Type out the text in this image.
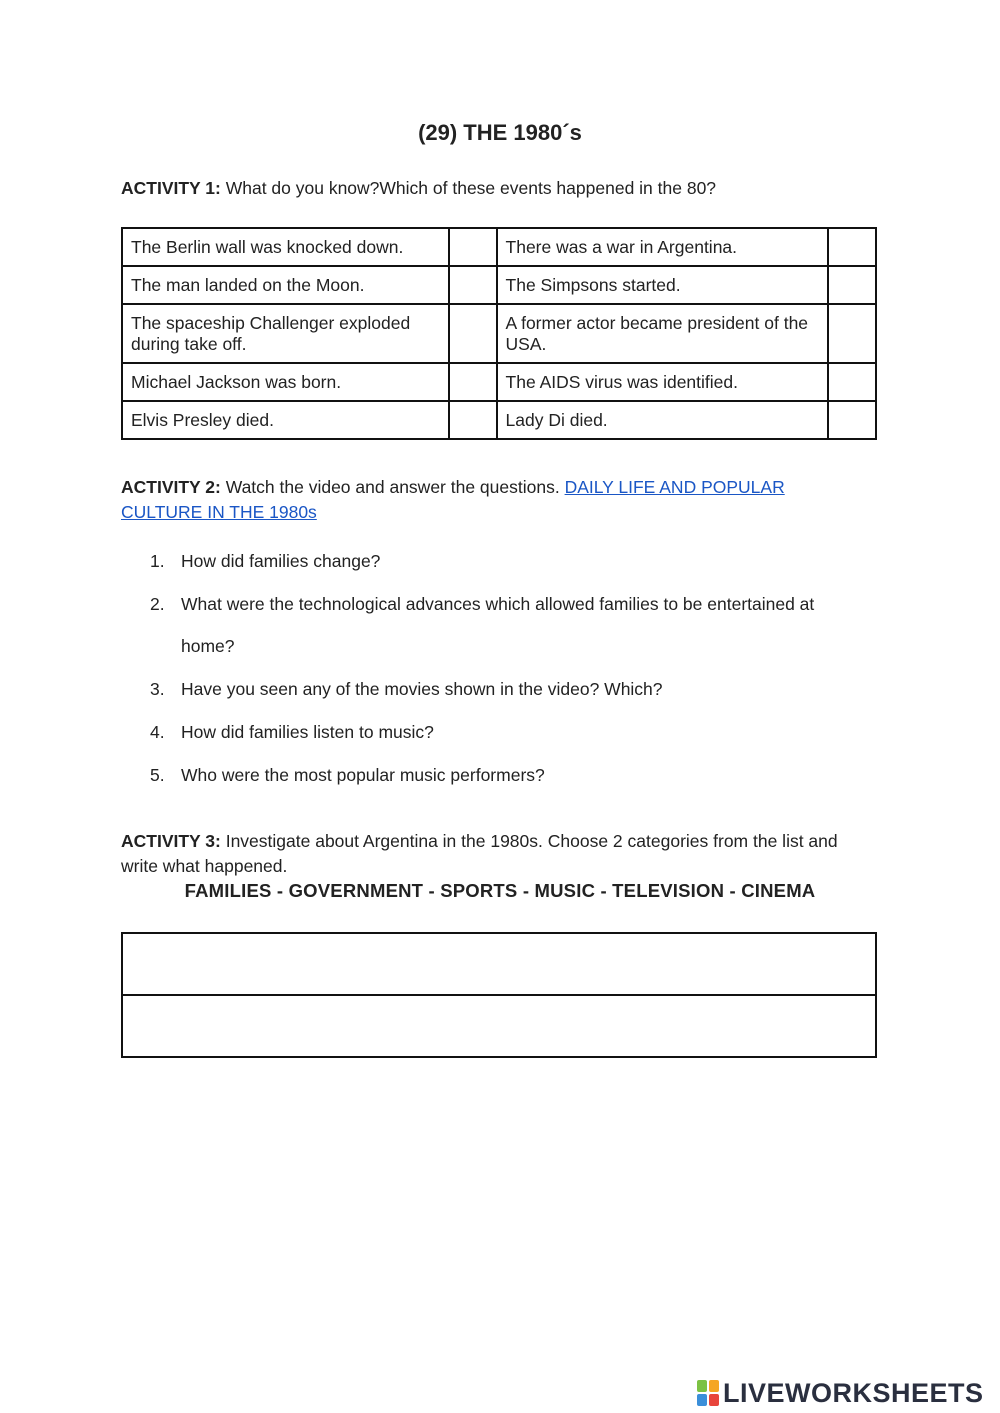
(29) THE 1980´s
ACTIVITY 1: What do you know?Which of these events happened in the 80?
The Berlin wall was knocked down.		There was a war in Argentina.	
The man landed on the Moon.		The Simpsons started.	
The spaceship Challenger exploded during take off.		A former actor became president of the USA.	
Michael Jackson was born.		The AIDS virus was identified.	
Elvis Presley died.		Lady Di died.	
ACTIVITY 2: Watch the video and answer the questions. DAILY LIFE AND POPULAR CULTURE IN THE 1980s
1. How did families change?
2. What were the technological advances which allowed families to be entertained at home?
3. Have you seen any of the movies shown in the video? Which?
4. How did families listen to music?
5. Who were the most popular music performers?
ACTIVITY 3: Investigate about Argentina in the 1980s. Choose 2 categories from the list and write what happened.
FAMILIES - GOVERNMENT - SPORTS - MUSIC - TELEVISION - CINEMA

LIVEWORKSHEETS
